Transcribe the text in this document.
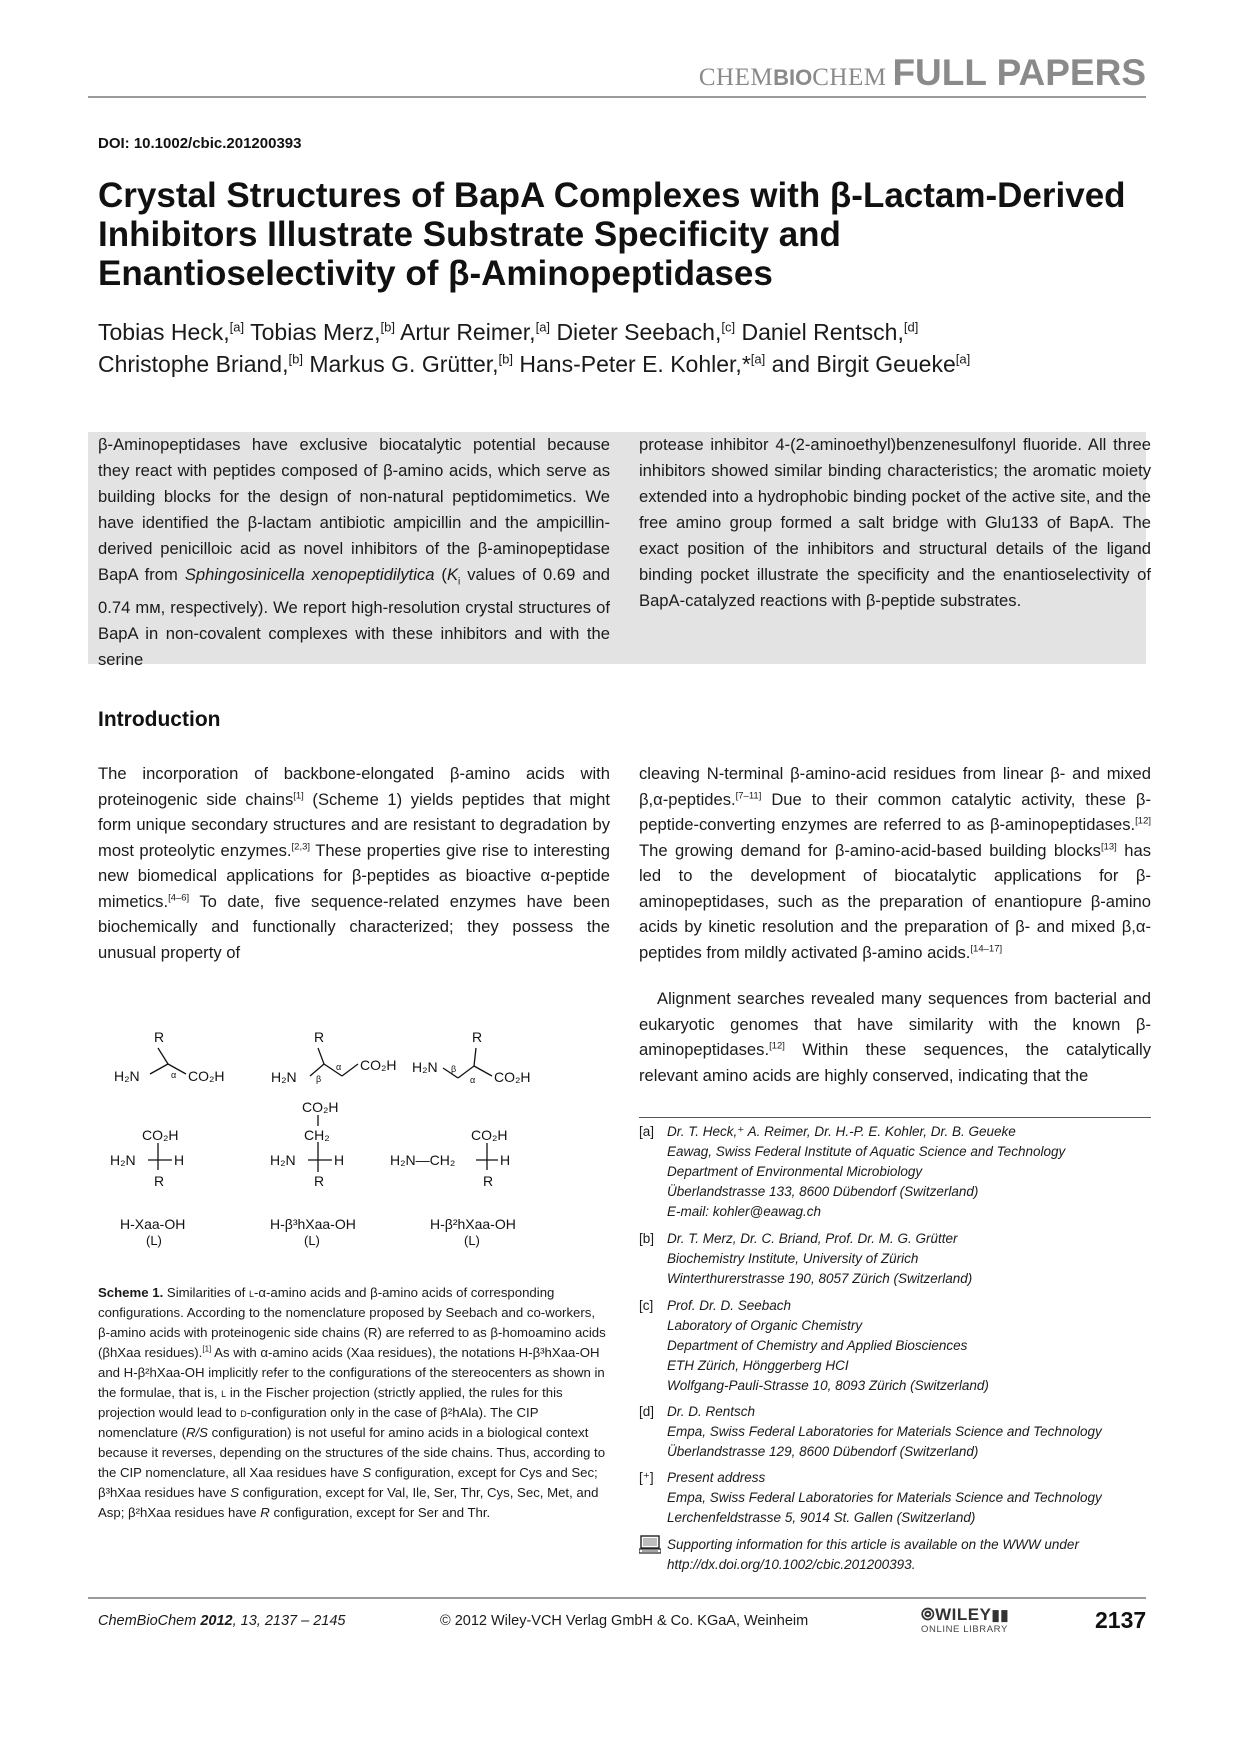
CHEMBIOCHEM FULL PAPERS
DOI: 10.1002/cbic.201200393
Crystal Structures of BapA Complexes with β-Lactam-Derived Inhibitors Illustrate Substrate Specificity and Enantioselectivity of β-Aminopeptidases

Tobias Heck,[a] Tobias Merz,[b] Artur Reimer,[a] Dieter Seebach,[c] Daniel Rentsch,[d]
Christophe Briand,[b] Markus G. Grütter,[b] Hans-Peter E. Kohler,*[a] and Birgit Geueke[a]

β-Aminopeptidases have exclusive biocatalytic potential because they react with peptides composed of β-amino acids, which serve as building blocks for the design of non-natural peptidomimetics. We have identified the β-lactam antibiotic ampicillin and the ampicillin-derived penicilloic acid as novel inhibitors of the β-aminopeptidase BapA from Sphingosinicella xenopeptidilytica ($K_i$ values of 0.69 and 0.74 mᴍ, respectively). We report high-resolution crystal structures of BapA in non-covalent complexes with these inhibitors and with the serine

protease inhibitor 4-(2-aminoethyl)benzenesulfonyl fluoride. All three inhibitors showed similar binding characteristics; the aromatic moiety extended into a hydrophobic binding pocket of the active site, and the free amino group formed a salt bridge with Glu133 of BapA. The exact position of the inhibitors and structural details of the ligand binding pocket illustrate the specificity and the enantioselectivity of BapA-catalyzed reactions with β-peptide substrates.

Introduction

The incorporation of backbone-elongated β-amino acids with proteinogenic side chains[1] (Scheme 1) yields peptides that might form unique secondary structures and are resistant to degradation by most proteolytic enzymes.[2,3] These properties give rise to interesting new biomedical applications for β-peptides as bioactive α-peptide mimetics.[4–6] To date, five sequence-related enzymes have been biochemically and functionally characterized; they possess the unusual property of

cleaving N-terminal β-amino-acid residues from linear β- and mixed β,α-peptides.[7–11] Due to their common catalytic activity, these β-peptide-converting enzymes are referred to as β-aminopeptidases.[12] The growing demand for β-amino-acid-based building blocks[13] has led to the development of biocatalytic applications for β-aminopeptidases, such as the preparation of enantiopure β-amino acids by kinetic resolution and the preparation of β- and mixed β,α-peptides from mildly activated β-amino acids.[14–17]

Alignment searches revealed many sequences from bacterial and eukaryotic genomes that have similarity with the known β-aminopeptidases.[12] Within these sequences, the catalytically relevant amino acids are highly conserved, indicating that the

R
H₂N	α CO₂H
R
H₂N β
α CO₂H
R
H₂N β
α CO₂H
CO₂H
H₂N	H
R
CO₂H
CH₂
H₂N	H
R
CO₂H
H₂N—CH₂	H
R
H-Xaa-OH
(L)
H-β³hXaa-OH
(L)
H-β²hXaa-OH
(L)

Scheme 1. Similarities of l-α-amino acids and β-amino acids of corresponding configurations. According to the nomenclature proposed by Seebach and co-workers, β-amino acids with proteinogenic side chains (R) are referred to as β-homoamino acids (βhXaa residues).[1] As with α-amino acids (Xaa residues), the notations H-β³hXaa-OH and H-β²hXaa-OH implicitly refer to the configurations of the stereocenters as shown in the formulae, that is, l in the Fischer projection (strictly applied, the rules for this projection would lead to d-configuration only in the case of β²hAla). The CIP nomenclature (R/S configuration) is not useful for amino acids in a biological context because it reverses, depending on the structures of the side chains. Thus, according to the CIP nomenclature, all Xaa residues have S configuration, except for Cys and Sec; β³hXaa residues have S configuration, except for Val, Ile, Ser, Thr, Cys, Sec, Met, and Asp; β²hXaa residues have R configuration, except for Ser and Thr.

[a] Dr. T. Heck,⁺ A. Reimer, Dr. H.-P. E. Kohler, Dr. B. Geueke
Eawag, Swiss Federal Institute of Aquatic Science and Technology
Department of Environmental Microbiology
Überlandstrasse 133, 8600 Dübendorf (Switzerland)
E-mail: kohler@eawag.ch
[b] Dr. T. Merz, Dr. C. Briand, Prof. Dr. M. G. Grütter
Biochemistry Institute, University of Zürich
Winterthurerstrasse 190, 8057 Zürich (Switzerland)
[c] Prof. Dr. D. Seebach
Laboratory of Organic Chemistry
Department of Chemistry and Applied Biosciences
ETH Zürich, Hönggerberg HCI
Wolfgang-Pauli-Strasse 10, 8093 Zürich (Switzerland)
[d] Dr. D. Rentsch
Empa, Swiss Federal Laboratories for Materials Science and Technology
Überlandstrasse 129, 8600 Dübendorf (Switzerland)
[⁺] Present address
Empa, Swiss Federal Laboratories for Materials Science and Technology
Lerchenfeldstrasse 5, 9014 St. Gallen (Switzerland)
Supporting information for this article is available on the WWW under
http://dx.doi.org/10.1002/cbic.201200393.
ChemBioChem 2012, 13, 2137 – 2145	© 2012 Wiley-VCH Verlag GmbH & Co. KGaA, Weinheim	⦾WILEY▮▮
ONLINE LIBRARY	2137
